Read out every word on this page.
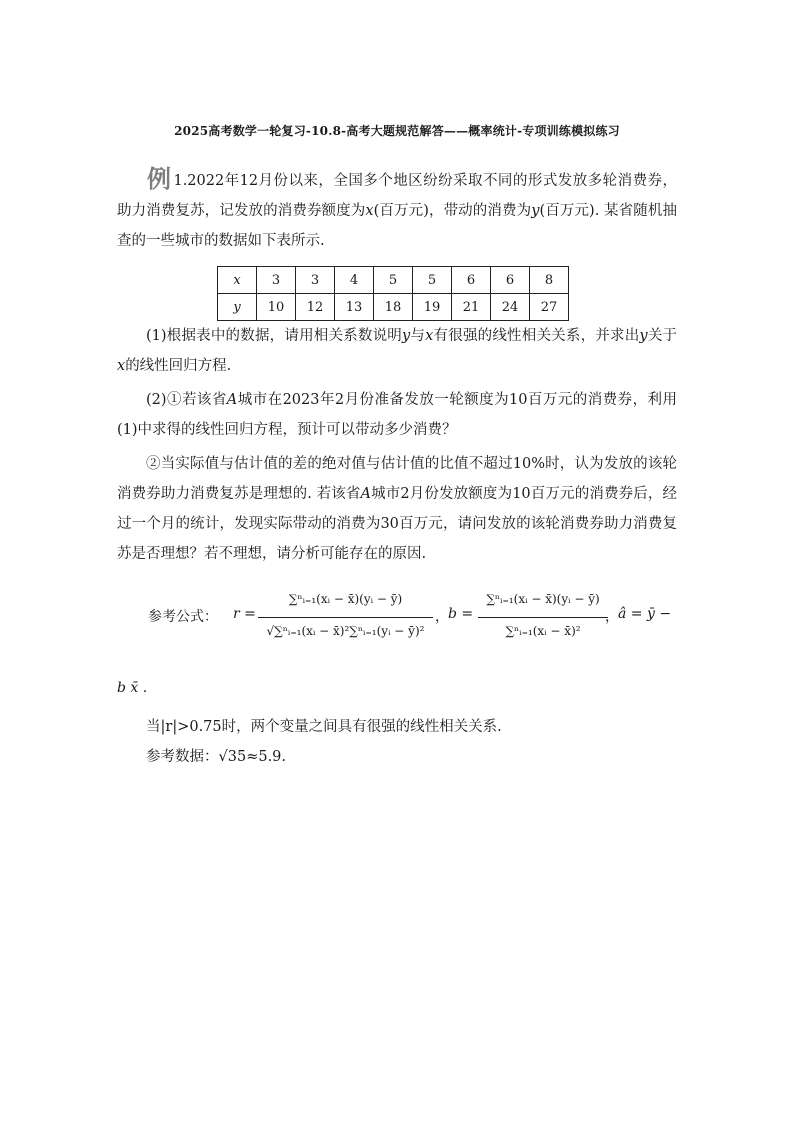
2025高考数学一轮复习-10.8-高考大题规范解答——概率统计-专项训练模拟练习
例 1.2022年12月份以来，全国多个地区纷纷采取不同的形式发放多轮消费券，助力消费复苏，记发放的消费券额度为x(百万元)，带动的消费为y(百万元). 某省随机抽查的一些城市的数据如下表所示.
x	3	3	4	5	5	6	6	8
y	10	12	13	18	19	21	24	27
(1)根据表中的数据，请用相关系数说明y与x有很强的线性相关关系，并求出y关于x的线性回归方程.
(2)①若该省A城市在2023年2月份准备发放一轮额度为10百万元的消费券，利用(1)中求得的线性回归方程，预计可以带动多少消费？
②当实际值与估计值的差的绝对值与估计值的比值不超过10%时，认为发放的该轮消费券助力消费复苏是理想的. 若该省A城市2月份发放额度为10百万元的消费券后，经过一个月的统计，发现实际带动的消费为30百万元，请问发放的该轮消费券助力消费复苏是否理想？若不理想，请分析可能存在的原因.
参考公式： r =
∑ⁿᵢ₌₁(xᵢ − x̄)(yᵢ − ȳ)
√∑ⁿᵢ₌₁(xᵢ − x̄)²∑ⁿᵢ₌₁(yᵢ − ȳ)²
， b =
∑ⁿᵢ₌₁(xᵢ − x̄)(yᵢ − ȳ)
∑ⁿᵢ₌₁(xᵢ − x̄)²
， â = ȳ −
b x̄ .
当|r|>0.75时，两个变量之间具有很强的线性相关关系.
参考数据：√35≈5.9.
